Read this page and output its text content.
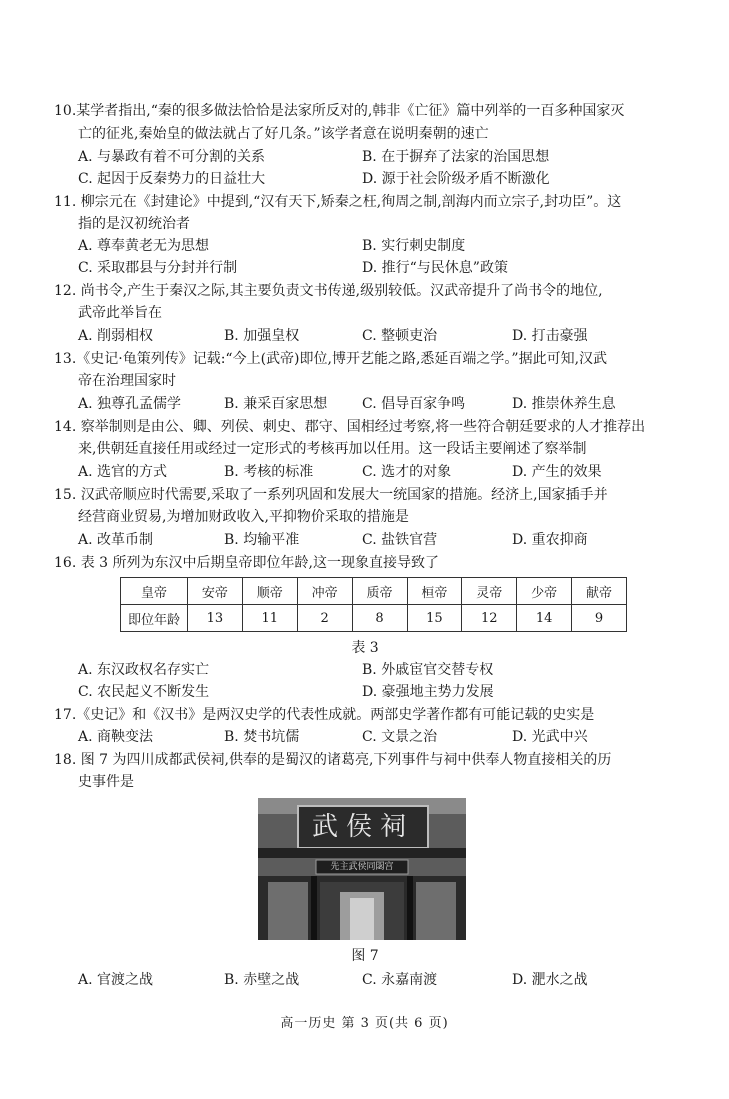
10.某学者指出,“秦的很多做法恰恰是法家所反对的,韩非《亡征》篇中列举的一百多种国家灭
亡的征兆,秦始皇的做法就占了好几条。”该学者意在说明秦朝的速亡
A. 与暴政有着不可分割的关系	B. 在于摒弃了法家的治国思想
C. 起因于反秦势力的日益壮大	D. 源于社会阶级矛盾不断激化
11. 柳宗元在《封建论》中提到,“汉有天下,矫秦之枉,徇周之制,剖海内而立宗子,封功臣”。这
指的是汉初统治者
A. 尊奉黄老无为思想	B. 实行刺史制度
C. 采取郡县与分封并行制	D. 推行“与民休息”政策
12. 尚书令,产生于秦汉之际,其主要负责文书传递,级别较低。汉武帝提升了尚书令的地位,
武帝此举旨在
A. 削弱相权	B. 加强皇权	C. 整顿吏治	D. 打击豪强
13.《史记·龟策列传》记载:“今上(武帝)即位,博开艺能之路,悉延百端之学。”据此可知,汉武
帝在治理国家时
A. 独尊孔孟儒学	B. 兼采百家思想 C. 倡导百家争鸣	D. 推崇休养生息
14. 察举制则是由公、卿、列侯、刺史、郡守、国相经过考察,将一些符合朝廷要求的人才推荐出
来,供朝廷直接任用或经过一定形式的考核再加以任用。这一段话主要阐述了察举制
A. 选官的方式	B. 考核的标准	C. 选才的对象	D. 产生的效果
15. 汉武帝顺应时代需要,采取了一系列巩固和发展大一统国家的措施。经济上,国家插手并
经营商业贸易,为增加财政收入,平抑物价采取的措施是
A. 改革币制	B. 均输平准	C. 盐铁官营	D. 重农抑商
16. 表 3 所列为东汉中后期皇帝即位年龄,这一现象直接导致了
皇帝	安帝	顺帝	冲帝	质帝	桓帝	灵帝	少帝	献帝
即位年龄	13	11	2	8	15	12	14	9
表 3
A. 东汉政权名存实亡	B. 外戚宦官交替专权
C. 农民起义不断发生	D. 豪强地主势力发展
17.《史记》和《汉书》是两汉史学的代表性成就。两部史学著作都有可能记载的史实是
A. 商鞅变法	B. 焚书坑儒	C. 文景之治	D. 光武中兴
18. 图 7 为四川成都武侯祠,供奉的是蜀汉的诸葛亮,下列事件与祠中供奉人物直接相关的历
史事件是
武侯祠
先主武侯同閟宫
图 7
A. 官渡之战	B. 赤壁之战	C. 永嘉南渡	D. 淝水之战
高一历史 第 3 页(共 6 页)
